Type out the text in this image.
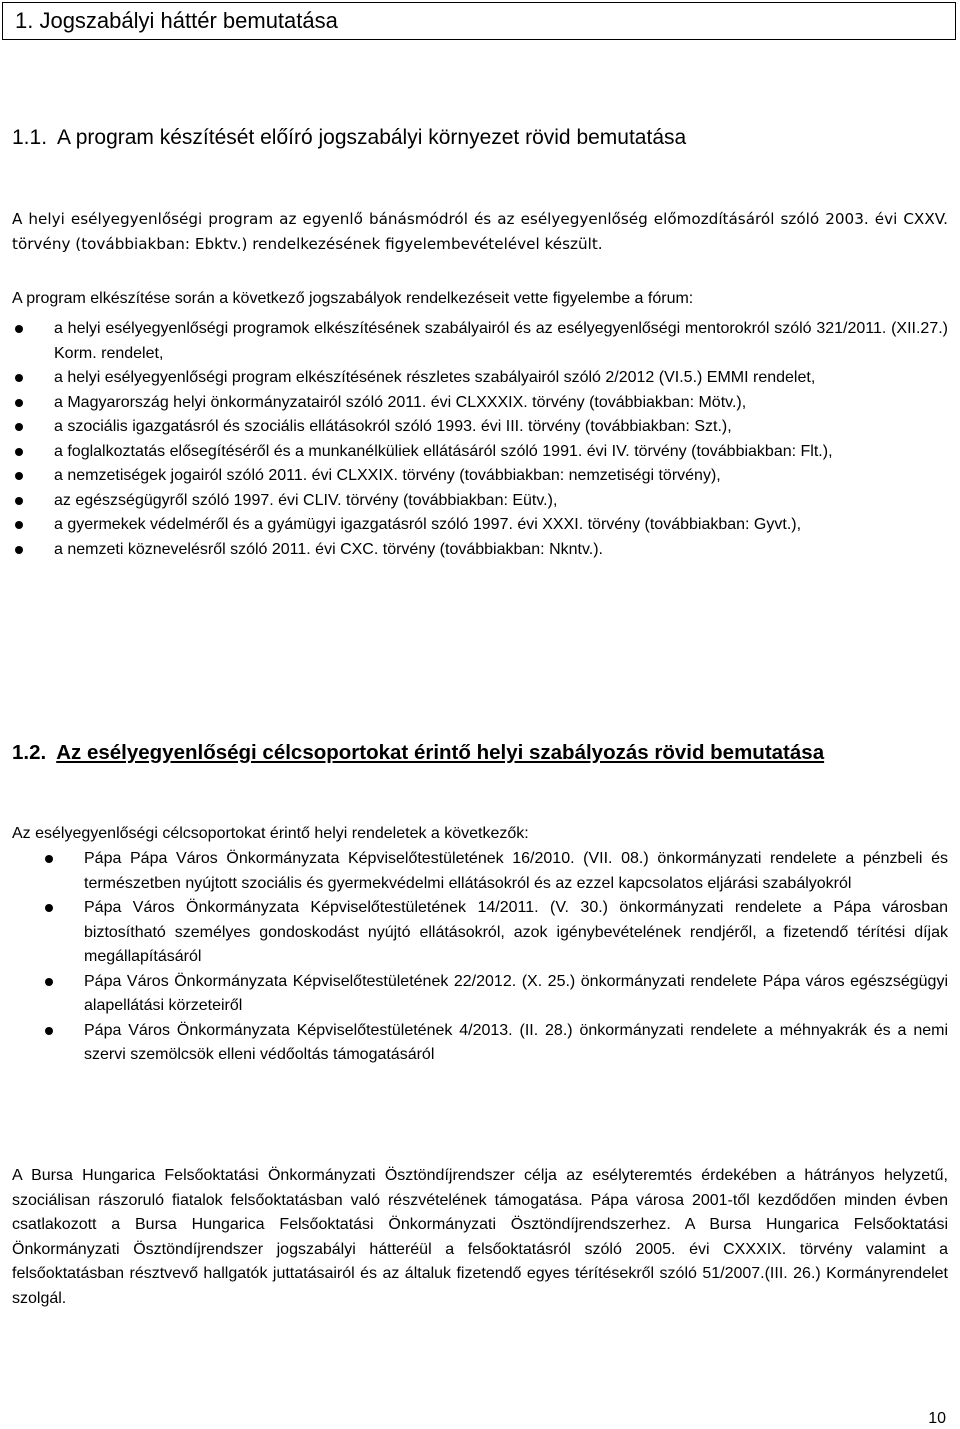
1. Jogszabályi háttér bemutatása
1.1. A program készítését előíró jogszabályi környezet rövid bemutatása

A helyi esélyegyenlőségi program az egyenlő bánásmódról és az esélyegyenlőség előmozdításáról szóló 2003. évi CXXV. törvény (továbbiakban: Ebktv.) rendelkezésének figyelembevételével készült.

A program elkészítése során a következő jogszabályok rendelkezéseit vette figyelembe a fórum:

a helyi esélyegyenlőségi programok elkészítésének szabályairól és az esélyegyenlőségi mentorokról szóló 321/2011. (XII.27.) Korm. rendelet,
a helyi esélyegyenlőségi program elkészítésének részletes szabályairól szóló 2/2012 (VI.5.) EMMI rendelet,
a Magyarország helyi önkormányzatairól szóló 2011. évi CLXXXIX. törvény (továbbiakban: Mötv.),
a szociális igazgatásról és szociális ellátásokról szóló 1993. évi III. törvény (továbbiakban: Szt.),
a foglalkoztatás elősegítéséről és a munkanélküliek ellátásáról szóló 1991. évi IV. törvény (továbbiakban: Flt.),
a nemzetiségek jogairól szóló 2011. évi CLXXIX. törvény (továbbiakban: nemzetiségi törvény),
az egészségügyről szóló 1997. évi CLIV. törvény (továbbiakban: Eütv.),
a gyermekek védelméről és a gyámügyi igazgatásról szóló 1997. évi XXXI. törvény (továbbiakban: Gyvt.),
a nemzeti köznevelésről szóló 2011. évi CXC. törvény (továbbiakban: Nkntv.).
1.2. Az esélyegyenlőségi célcsoportokat érintő helyi szabályozás rövid bemutatása

Az esélyegyenlőségi célcsoportokat érintő helyi rendeletek a következők:

Pápa Pápa Város Önkormányzata Képviselőtestületének 16/2010. (VII. 08.) önkormányzati rendelete a pénzbeli és természetben nyújtott szociális és gyermekvédelmi ellátásokról és az ezzel kapcsolatos eljárási szabályokról
Pápa Város Önkormányzata Képviselőtestületének 14/2011. (V. 30.) önkormányzati rendelete a Pápa városban biztosítható személyes gondoskodást nyújtó ellátásokról, azok igénybevételének rendjéről, a fizetendő térítési díjak megállapításáról
Pápa Város Önkormányzata Képviselőtestületének 22/2012. (X. 25.) önkormányzati rendelete Pápa város egészségügyi alapellátási körzeteiről
Pápa Város Önkormányzata Képviselőtestületének 4/2013. (II. 28.) önkormányzati rendelete a méhnyakrák és a nemi szervi szemölcsök elleni védőoltás támogatásáról

A Bursa Hungarica Felsőoktatási Önkormányzati Ösztöndíjrendszer célja az esélyteremtés érdekében a hátrányos helyzetű, szociálisan rászoruló fiatalok felsőoktatásban való részvételének támogatása. Pápa városa 2001-től kezdődően minden évben csatlakozott a Bursa Hungarica Felsőoktatási Önkormányzati Ösztöndíjrendszerhez. A Bursa Hungarica Felsőoktatási Önkormányzati Ösztöndíjrendszer jogszabályi hátteréül a felsőoktatásról szóló 2005. évi CXXXIX. törvény valamint a felsőoktatásban résztvevő hallgatók juttatásairól és az általuk fizetendő egyes térítésekről szóló 51/2007.(III. 26.) Kormányrendelet szolgál.

10
